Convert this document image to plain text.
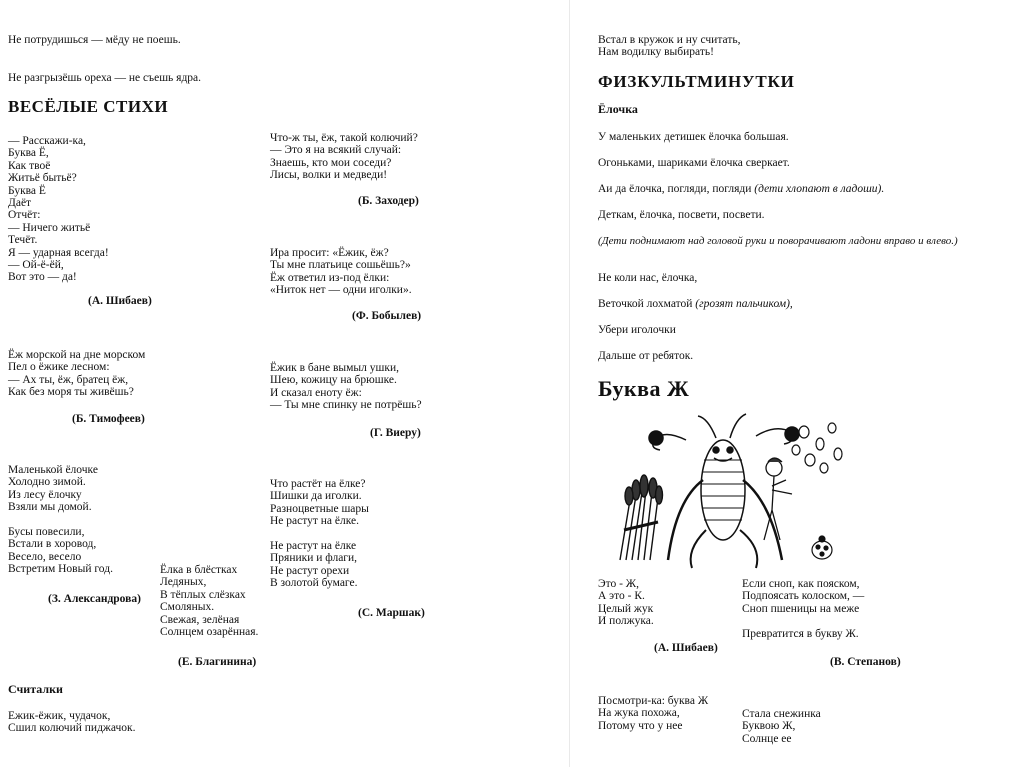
Не потрудишься — мёду не поешь.

Не разгрызёшь ореха — не съешь ядра.

ВЕСЁЛЫЕ СТИХИ

— Расскажи-ка,
Буква Ё,
Как твоё
Житьё бытьё?
Буква Ё
Даёт
Отчёт:
— Ничего житьё
Течёт.
Я — ударная всегда!
— Ой-ё-ёй,
Вот это — да!

(А. Шибаев)

Что-ж ты, ёж, такой колючий?
— Это я на всякий случай:
Знаешь, кто мои соседи?
Лисы, волки и медведи!

(Б. Заходер)

Ира просит: «Ёжик, ёж?
Ты мне платьице сошьёшь?»
Ёж ответил из-под ёлки:
«Ниток нет — одни иголки».

(Ф. Бобылев)

Ёж морской на дне морском
Пел о ёжике лесном:
— Ах ты, ёж, братец ёж,
Как без моря ты живёшь?

(Б. Тимофеев)

Ёжик в бане вымыл ушки,
Шею, кожицу на брюшке.
И сказал еноту ёж:
— Ты мне спинку не потрёшь?

(Г. Виеру)

Маленькой ёлочке
Холодно зимой.
Из лесу ёлочку
Взяли мы домой.

Бусы повесили,
Встали в хоровод,
Весело, весело
Встретим Новый год.

(З. Александрова)

Ёлка в блёстках
Ледяных,
В тёплых слёзках
Смоляных.
Свежая, зелёная
Солнцем озарённая.

(Е. Благинина)

Что растёт на ёлке?
Шишки да иголки.
Разноцветные шары
Не растут на ёлке.

Не растут на ёлке
Пряники и флаги,
Не растут орехи
В золотой бумаге.

(С. Маршак)

Считалки

Ежик-ёжик, чудачок,
Сшил колючий пиджачок.

Встал в кружок и ну считать,
Нам водилку выбирать!

ФИЗКУЛЬТМИНУТКИ

Ёлочка

У маленьких детишек ёлочка большая.

Огоньками, шариками ёлочка сверкает.

Аи да ёлочка, погляди, погляди (дети хлопают в ладоши).

Деткам, ёлочка, посвети, посвети.

(Дети поднимают над головой руки и поворачивают ладони вправо и влево.)

Не коли нас, ёлочка,

Веточкой лохматой (грозят пальчиком),

Убери иголочки

Дальше от ребяток.

Буква Ж

Это - Ж,
А это - К.
Целый жук
И полжука.

(А. Шибаев)

Если сноп, как пояском,
Подпоясать колоском, —
Сноп пшеницы на меже

Превратится в букву Ж.

(В. Степанов)

Посмотри-ка: буква Ж
На жука похожа,
Потому что у нее

Стала снежинка
Буквою Ж,
Солнце ее
